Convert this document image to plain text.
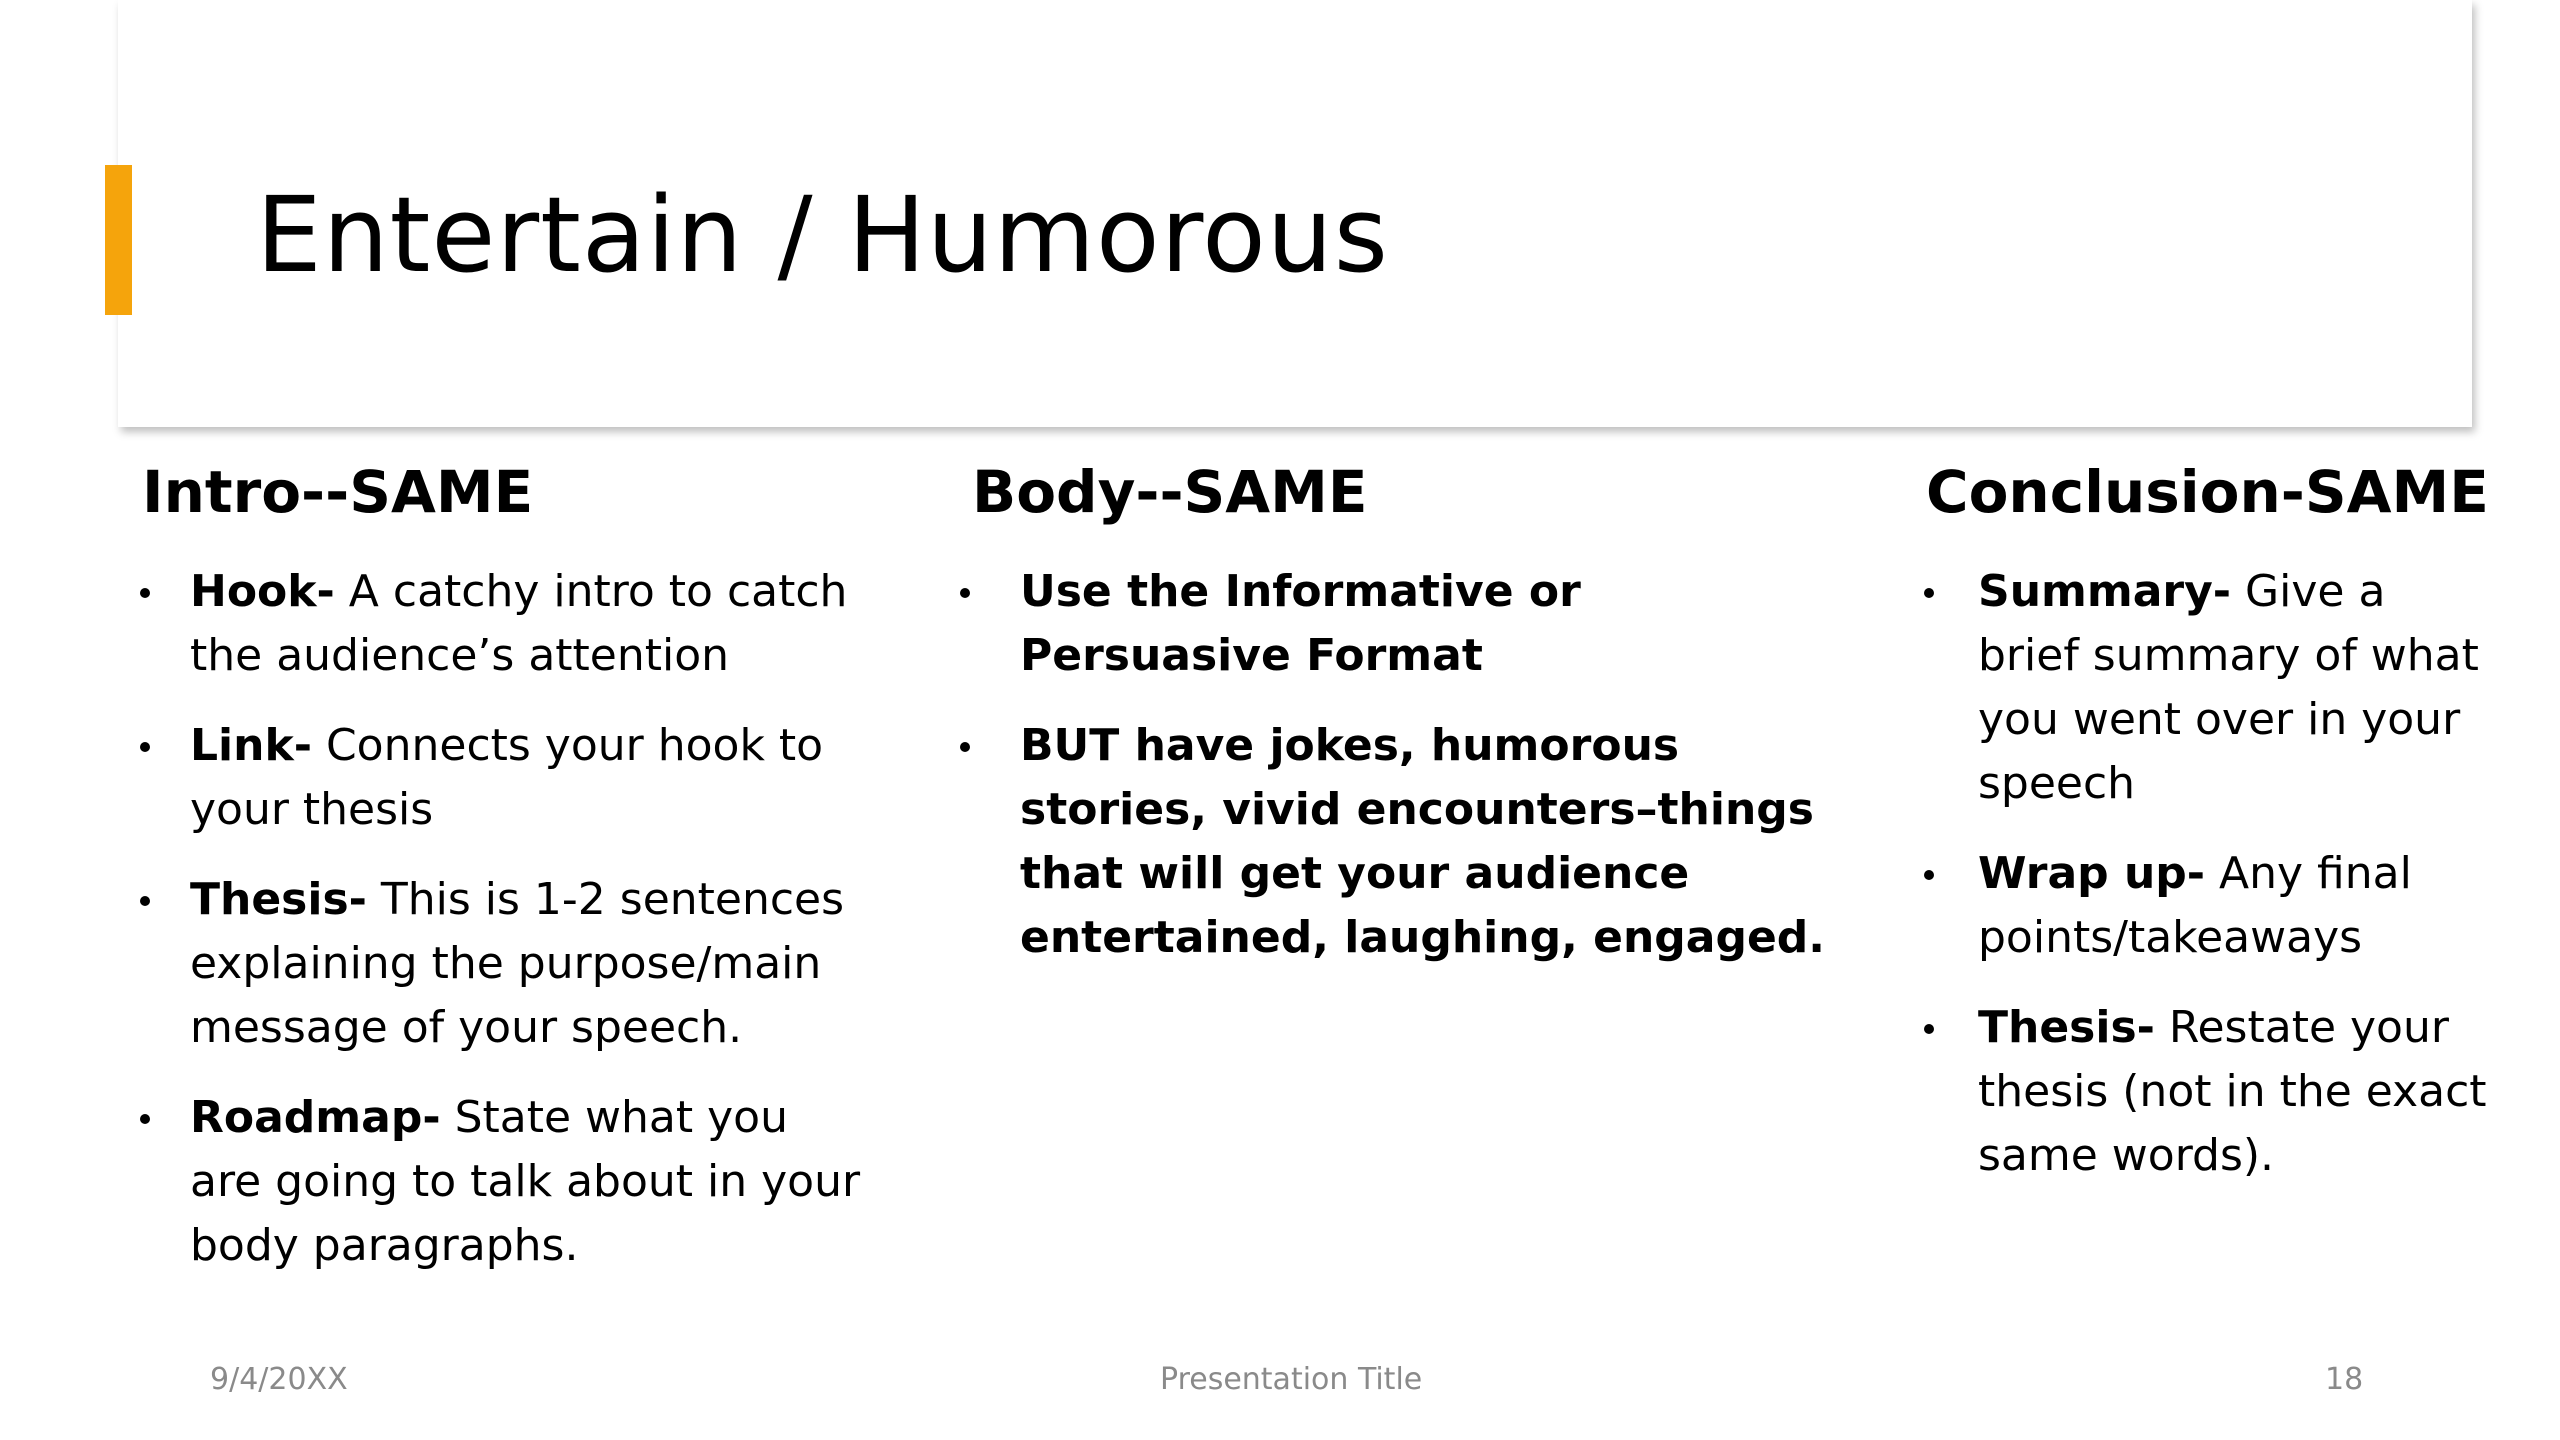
Entertain / Humorous
Intro--SAME
Hook- A catchy intro to catch the audience’s attention
Link- Connects your hook to your thesis
Thesis- This is 1-2 sentences explaining the purpose/main message of your speech.
Roadmap- State what you are going to talk about in your body paragraphs.
Body--SAME
Use the Informative or Persuasive Format
BUT have jokes, humorous stories, vivid encounters–things that will get your audience entertained, laughing, engaged.
Conclusion-SAME
Summary- Give a brief summary of what you went over in your speech
Wrap up- Any final points/takeaways
Thesis- Restate your thesis (not in the exact same words).
9/4/20XX	Presentation Title	18
